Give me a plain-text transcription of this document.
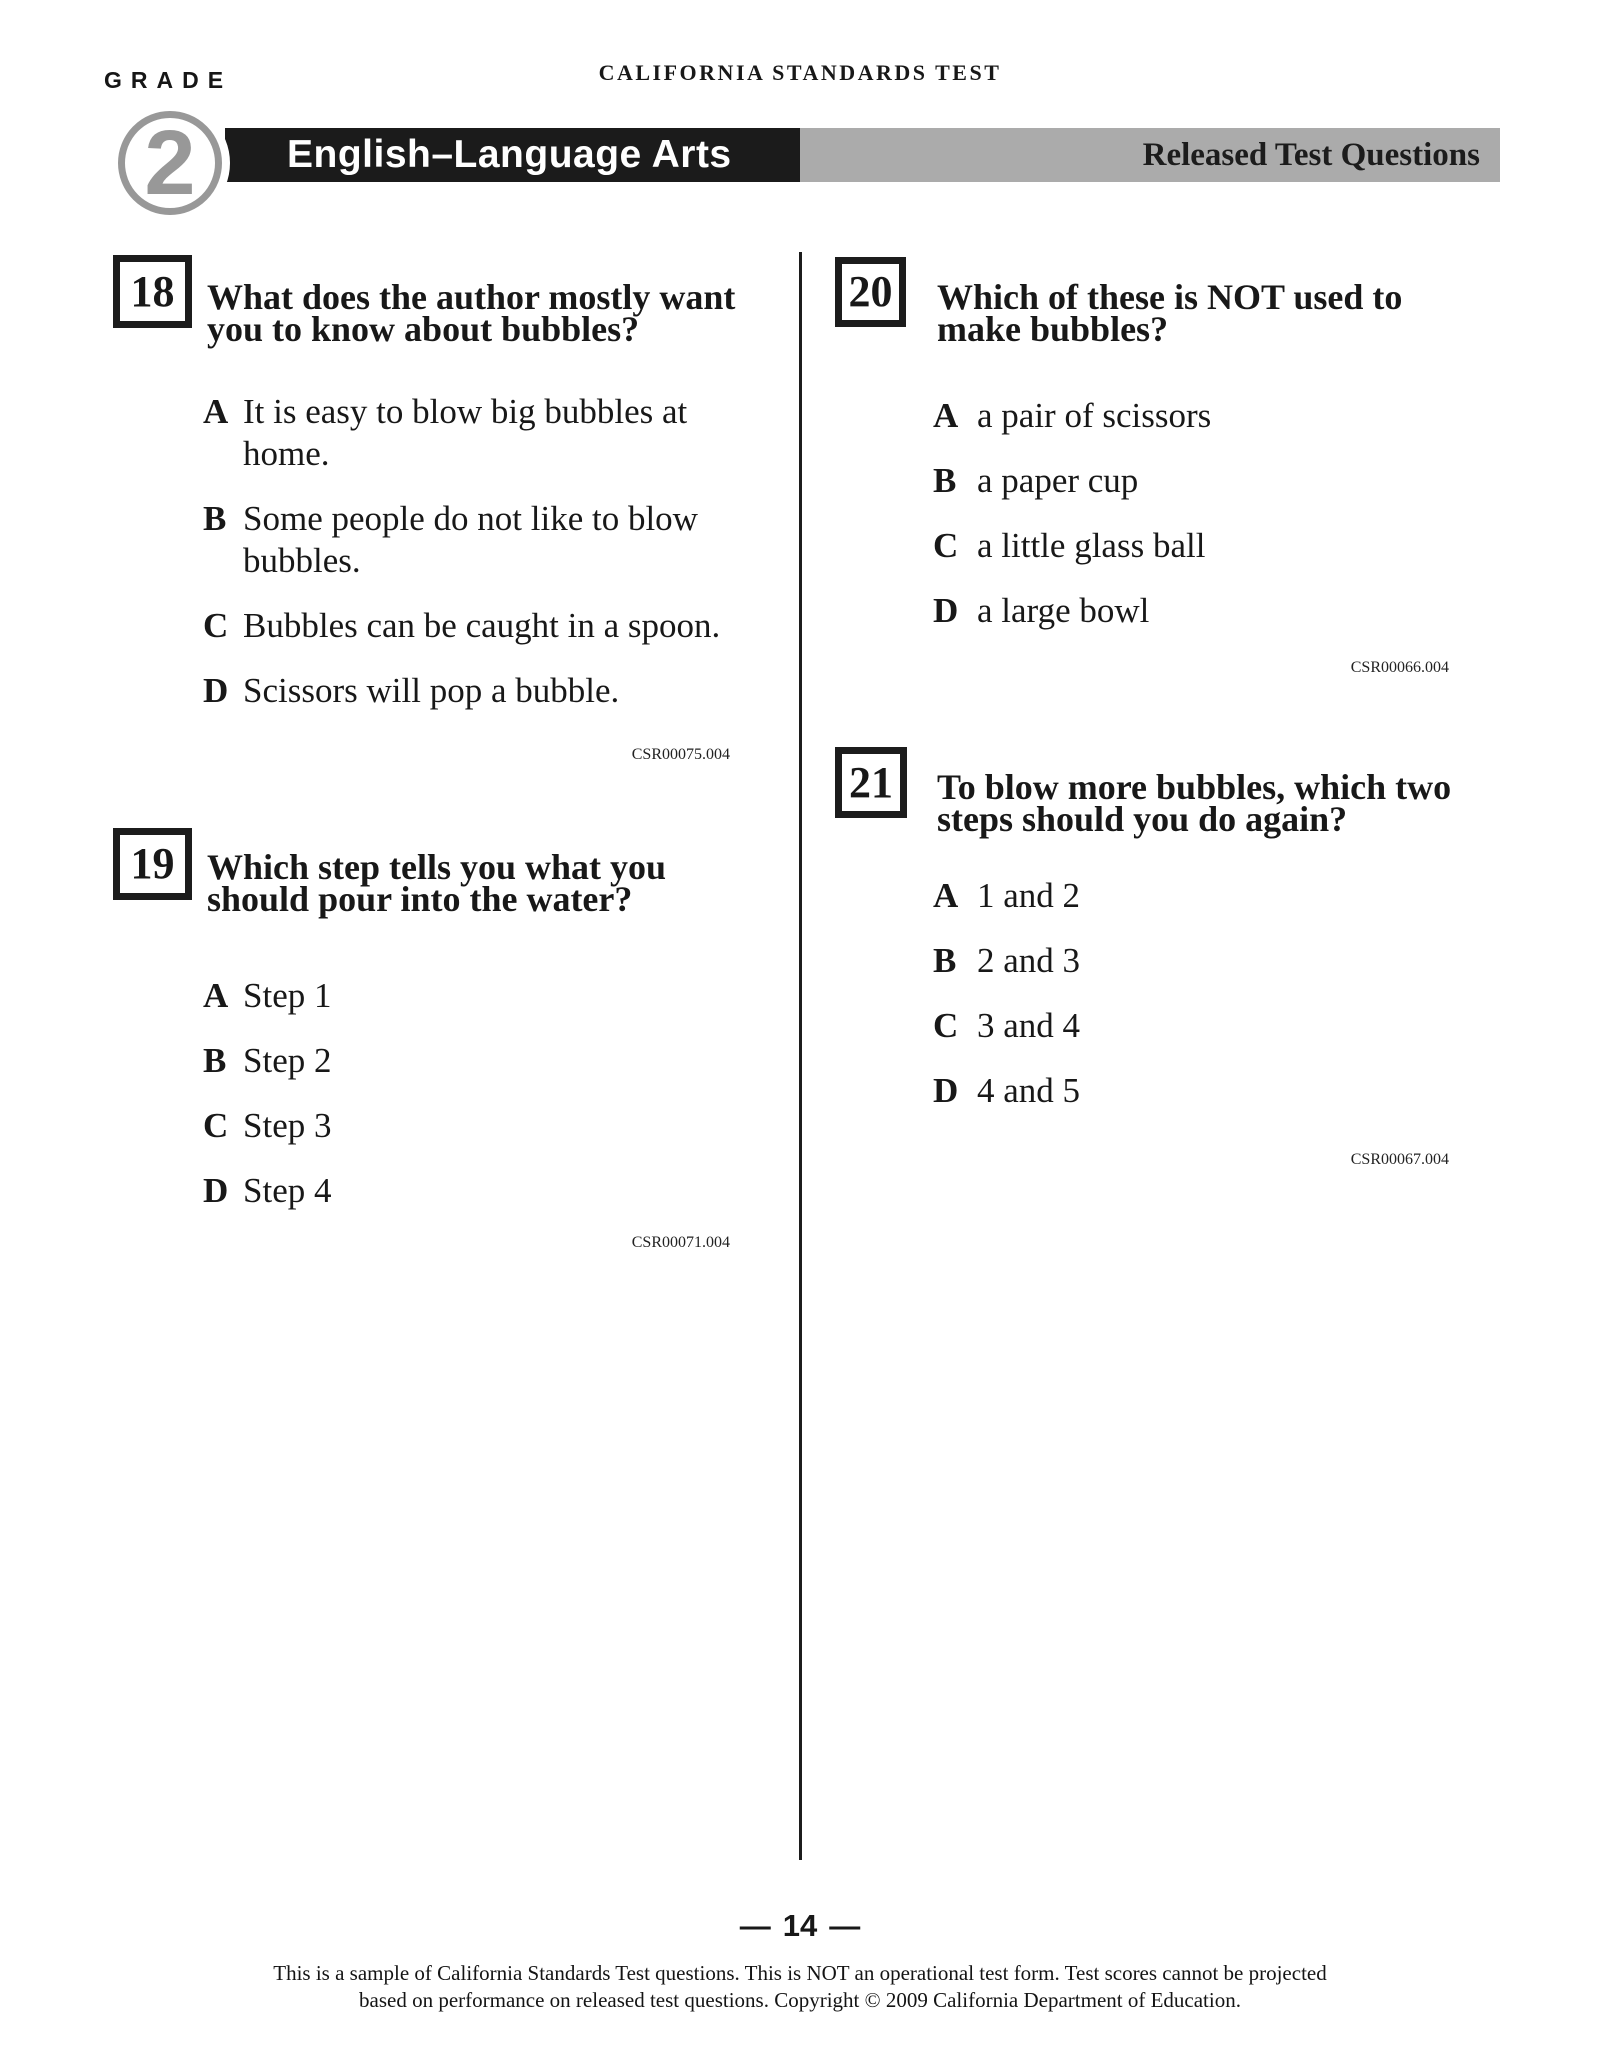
GRADE	CALIFORNIA STANDARDS TEST
English–Language Arts	Released Test Questions
2
18 What does the author mostly want
you to know about bubbles?
A It is easy to blow big bubbles at
home.
B Some people do not like to blow
bubbles.
C Bubbles can be caught in a spoon.
D Scissors will pop a bubble.
CSR00075.004
19 Which step tells you what you
should pour into the water?
A Step 1
B Step 2
C Step 3
D Step 4
CSR00071.004
20 Which of these is NOT used to
make bubbles?
A a pair of scissors
B a paper cup
C a little glass ball
D a large bowl
CSR00066.004
21 To blow more bubbles, which two
steps should you do again?
A 1 and 2
B 2 and 3
C 3 and 4
D 4 and 5
CSR00067.004
— 14 —
This is a sample of California Standards Test questions. This is NOT an operational test form. Test scores cannot be projected
based on performance on released test questions. Copyright © 2009 California Department of Education.
